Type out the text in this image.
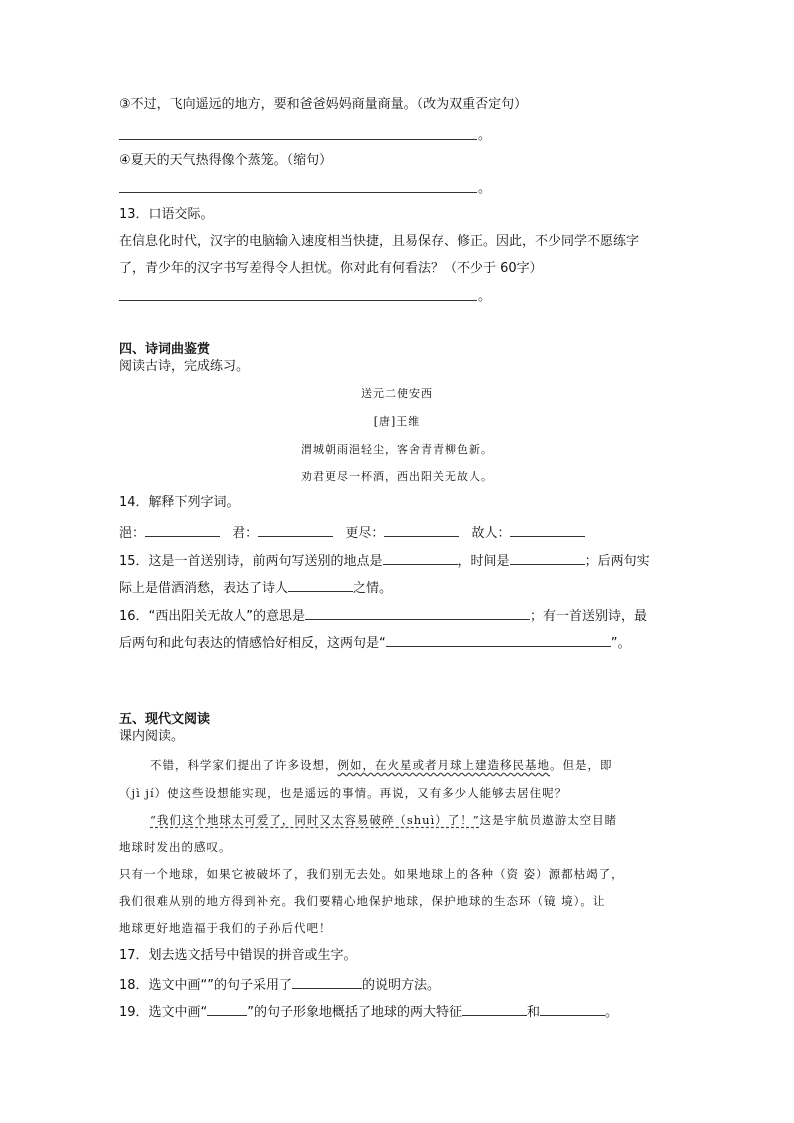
③不过，飞向遥远的地方，要和爸爸妈妈商量商量。（改为双重否定句）
。
④夏天的天气热得像个蒸笼。（缩句）
。
13．口语交际。
在信息化时代，汉字的电脑输入速度相当快捷，且易保存、修正。因此，不少同学不愿练字
了，青少年的汉字书写差得令人担忧。你对此有何看法？（不少于 60字）
。
四、诗词曲鉴赏
阅读古诗，完成练习。
送元二使安西
[唐]王维
渭城朝雨浥轻尘，客舍青青柳色新。
劝君更尽一杯酒，西出阳关无故人。
14．解释下列字词。
浥：	君：	更尽：	故人：
15．这是一首送别诗，前两句写送别的地点是	，时间是	；后两句实
际上是借酒消愁，表达了诗人	之情。
16．“西出阳关无故人”的意思是	；有一首送别诗，最
后两句和此句表达的情感恰好相反，这两句是“	”。
五、现代文阅读
课内阅读。
不错，科学家们提出了许多设想，例如，在火星或者月球上建造移民基地。但是，即
（jì jí）使这些设想能实现，也是遥远的事情。再说，又有多少人能够去居住呢？
“我们这个地球太可爱了，同时又太容易破碎（shuì）了！”这是宇航员遨游太空目睹
地球时发出的感叹。
只有一个地球，如果它被破坏了，我们别无去处。如果地球上的各种（资 姿）源都枯竭了，
我们很难从别的地方得到补充。我们要精心地保护地球，保护地球的生态环（镜 境）。让
地球更好地造福于我们的子孙后代吧！
17．划去选文括号中错误的拼音或生字。
18．选文中画“”的句子采用了	的说明方法。
19．选文中画“	”的句子形象地概括了地球的两大特征	和	。
